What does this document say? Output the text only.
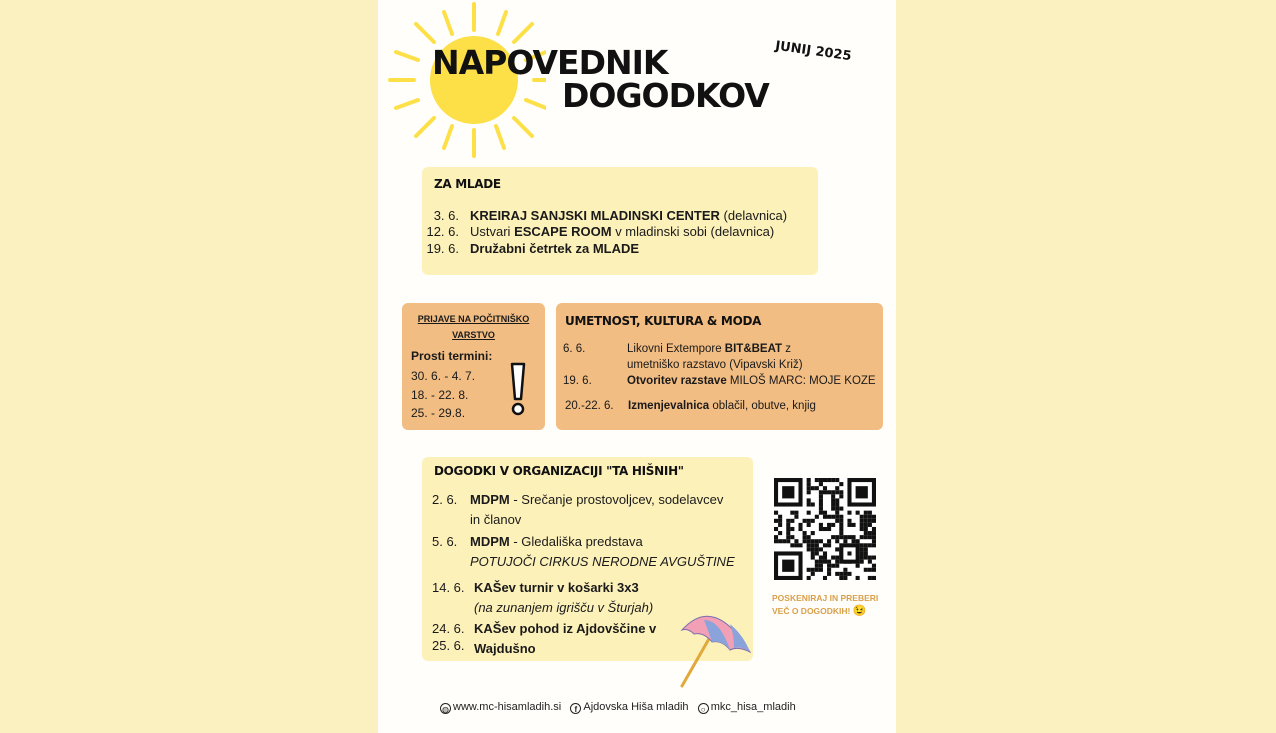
NAPOVEDNIK
DOGODKOV
JUNIJ 2025
ZA MLADE
3. 6. KREIRAJ SANJSKI MLADINSKI CENTER (delavnica)
12. 6. Ustvari ESCAPE ROOM v mladinski sobi (delavnica)
19. 6. Družabni četrtek za MLADE
PRIJAVE NA POČITNIŠKO
VARSTVO
Prosti termini:
30. 6. - 4. 7.
18. - 22. 8.
25. - 29.8.
UMETNOST, KULTURA & MODA
6. 6.	Likovni Extempore BIT&BEAT z
umetniško razstavo (Vipavski Križ)
19. 6.	Otvoritev razstave MILOŠ MARC: MOJE KOZE
20.-22. 6. Izmenjevalnica oblačil, obutve, knjig
DOGODKI V ORGANIZACIJI "TA HIŠNIH"
2. 6. MDPM - Srečanje prostovoljcev, sodelavcev
in članov
5. 6. MDPM - Gledališka predstava
POTUJOČI CIRKUS NERODNE AVGUŠTINE
14. 6. KAŠev turnir v košarki 3x3
(na zunanjem igrišču v Šturjah)
24. 6.
25. 6.
KAŠev pohod iz Ajdovščine v
Wajdušno
POSKENIRAJ IN PREBERI
VEČ O DOGODKIH! 😉
◍ www.mc-hisamladih.si f Ajdovska Hiša mladih ○ mkc_hisa_mladih
